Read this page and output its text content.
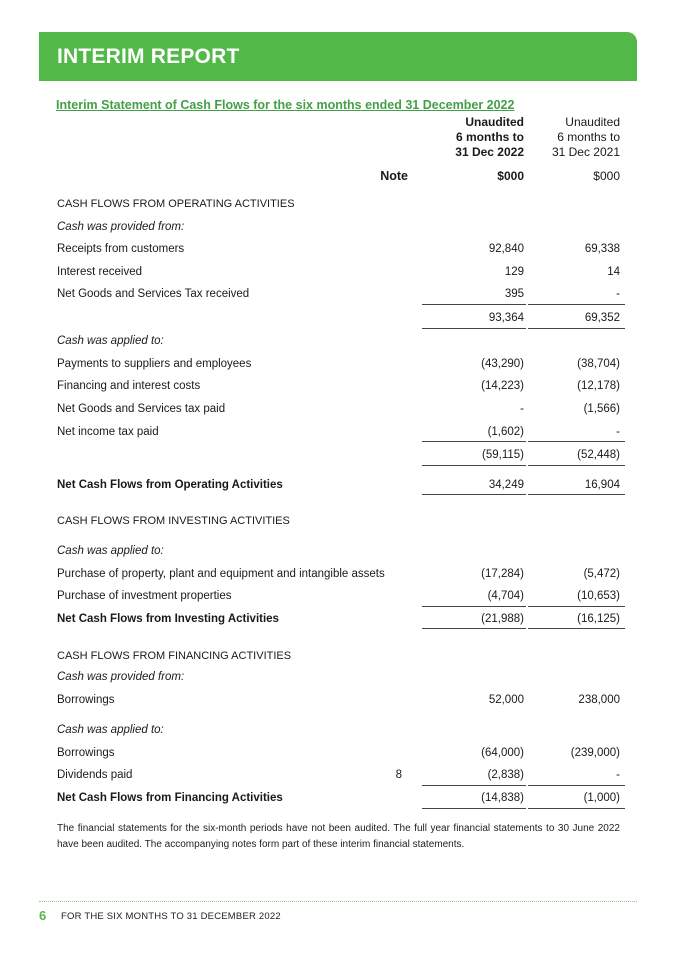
INTERIM REPORT
Interim Statement of Cash Flows for the six months ended 31 December 2022
Unaudited
6 months to
31 Dec 2022
Unaudited
6 months to
31 Dec 2021
Note	$000	$000
CASH FLOWS FROM OPERATING ACTIVITIES
Cash was provided from:
Receipts from customers	92,840	69,338
Interest received	129	14
Net Goods and Services Tax received	395	-
93,364	69,352
Cash was applied to:
Payments to suppliers and employees	(43,290)	(38,704)
Financing and interest costs	(14,223)	(12,178)
Net Goods and Services tax paid	-	(1,566)
Net income tax paid	(1,602)	-
(59,115)	(52,448)
Net Cash Flows from Operating Activities	34,249	16,904
CASH FLOWS FROM INVESTING ACTIVITIES
Cash was applied to:
Purchase of property, plant and equipment and intangible assets	(17,284)	(5,472)
Purchase of investment properties	(4,704)	(10,653)
Net Cash Flows from Investing Activities	(21,988)	(16,125)
CASH FLOWS FROM FINANCING ACTIVITIES
Cash was provided from:
Borrowings	52,000	238,000
Cash was applied to:
Borrowings	(64,000)	(239,000)
Dividends paid	8	(2,838)	-
Net Cash Flows from Financing Activities	(14,838)	(1,000)
The financial statements for the six-month periods have not been audited. The full year financial statements to 30 June 2022 have been audited. The accompanying notes form part of these interim financial statements.
6 FOR THE SIX MONTHS TO 31 DECEMBER 2022
